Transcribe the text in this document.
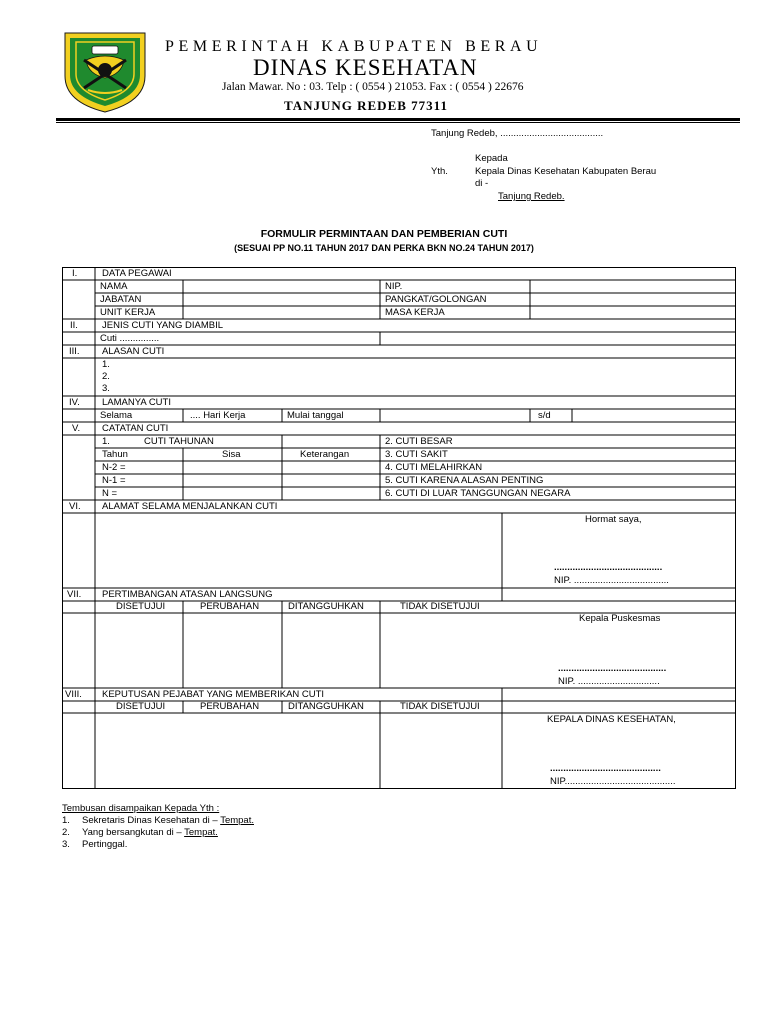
PEMERINTAH KABUPATEN BERAU
DINAS KESEHATAN
Jalan Mawar. No : 03. Telp : ( 0554 ) 21053. Fax : ( 0554 ) 22676
TANJUNG REDEB 77311
Tanjung Redeb, .......................................
Kepada
Yth.	Kepala Dinas Kesehatan Kabupaten Berau
di -
Tanjung Redeb.
FORMULIR PERMINTAAN DAN PEMBERIAN CUTI
(SESUAI PP NO.11 TAHUN 2017 DAN PERKA BKN NO.24 TAHUN 2017)
I.	DATA PEGAWAI
NAMA	NIP.
JABATAN	PANGKAT/GOLONGAN
UNIT KERJA	MASA KERJA
II.	JENIS CUTI YANG DIAMBIL
Cuti ...............
III. ALASAN CUTI
1.
2.
3.
IV. LAMANYA CUTI
Selama	.... Hari Kerja	Mulai tanggal	s/d
V. CATATAN CUTI
1.	CUTI TAHUNAN	2. CUTI BESAR
Tahun	Sisa	Keterangan	3. CUTI SAKIT
N-2 =	4. CUTI MELAHIRKAN
N-1 =	5. CUTI KARENA ALASAN PENTING
N =	6. CUTI DI LUAR TANGGUNGAN NEGARA
VI. ALAMAT SELAMA MENJALANKAN CUTI
Hormat saya,
.........................................
NIP. ....................................
VII. PERTIMBANGAN ATASAN LANGSUNG
DISETUJUI	PERUBAHAN	DITANGGUHKAN	TIDAK DISETUJUI
Kepala Puskesmas
.........................................
NIP. ...............................
VIII. KEPUTUSAN PEJABAT YANG MEMBERIKAN CUTI
DISETUJUI	PERUBAHAN	DITANGGUHKAN	TIDAK DISETUJUI
KEPALA DINAS KESEHATAN,
..........................................
NIP..........................................
Tembusan disampaikan Kepada Yth :
1. Sekretaris Dinas Kesehatan di – Tempat.
2. Yang bersangkutan di – Tempat.
3. Pertinggal.
